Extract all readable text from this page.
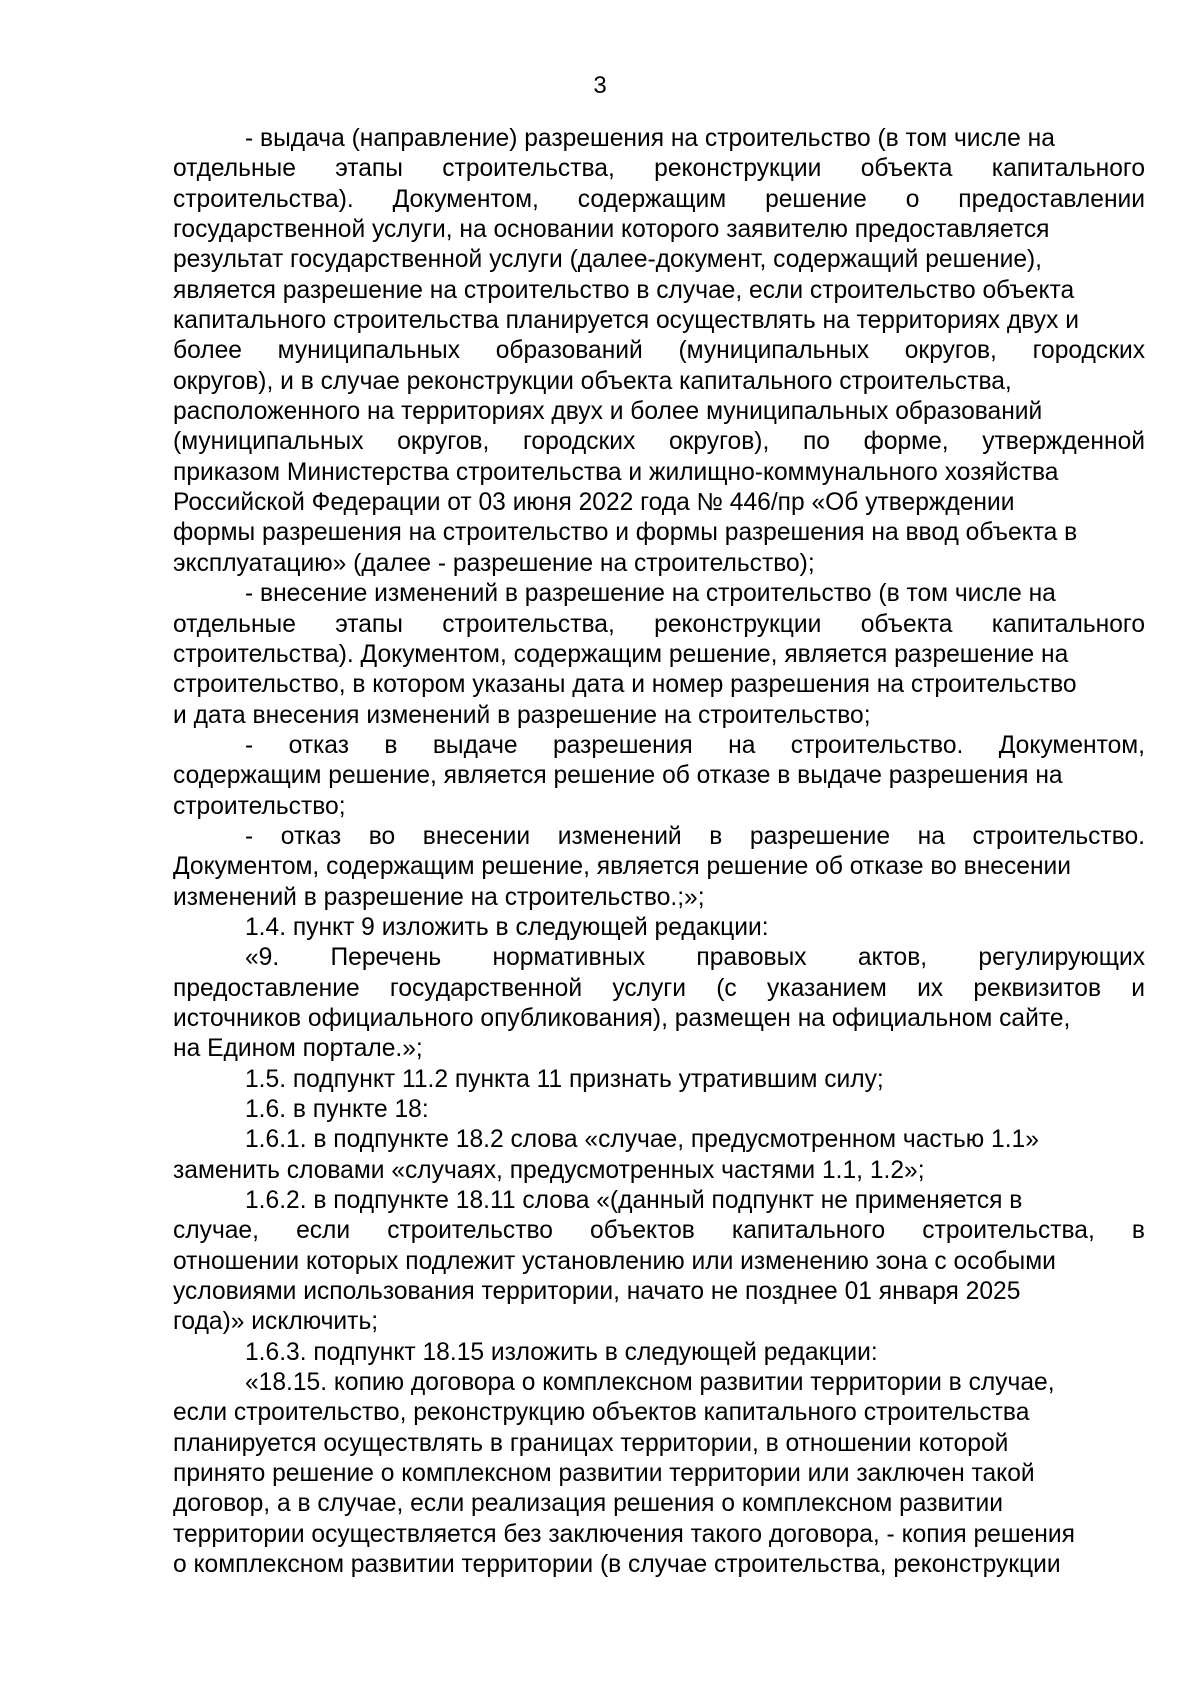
3
- выдача (направление) разрешения на строительство (в том числе на
отдельные этапы строительства, реконструкции объекта капитального
строительства). Документом, содержащим решение о предоставлении
государственной услуги, на основании которого заявителю предоставляется
результат государственной услуги (далее-документ, содержащий решение),
является разрешение на строительство в случае, если строительство объекта
капитального строительства планируется осуществлять на территориях двух и
более муниципальных образований (муниципальных округов, городских
округов), и в случае реконструкции объекта капитального строительства,
расположенного на территориях двух и более муниципальных образований
(муниципальных округов, городских округов), по форме, утвержденной
приказом Министерства строительства и жилищно-коммунального хозяйства
Российской Федерации от 03 июня 2022 года № 446/пр «Об утверждении
формы разрешения на строительство и формы разрешения на ввод объекта в
эксплуатацию» (далее - разрешение на строительство);
- внесение изменений в разрешение на строительство (в том числе на
отдельные этапы строительства, реконструкции объекта капитального
строительства). Документом, содержащим решение, является разрешение на
строительство, в котором указаны дата и номер разрешения на строительство
и дата внесения изменений в разрешение на строительство;
- отказ в выдаче разрешения на строительство. Документом,
содержащим решение, является решение об отказе в выдаче разрешения на
строительство;
- отказ во внесении изменений в разрешение на строительство.
Документом, содержащим решение, является решение об отказе во внесении
изменений в разрешение на строительство.;»;
1.4. пункт 9 изложить в следующей редакции:
«9. Перечень нормативных правовых актов, регулирующих
предоставление государственной услуги (с указанием их реквизитов и
источников официального опубликования), размещен на официальном сайте,
на Едином портале.»;
1.5. подпункт 11.2 пункта 11 признать утратившим силу;
1.6. в пункте 18:
1.6.1. в подпункте 18.2 слова «случае, предусмотренном частью 1.1»
заменить словами «случаях, предусмотренных частями 1.1, 1.2»;
1.6.2. в подпункте 18.11 слова «(данный подпункт не применяется в
случае, если строительство объектов капитального строительства, в
отношении которых подлежит установлению или изменению зона с особыми
условиями использования территории, начато не позднее 01 января 2025
года)» исключить;
1.6.3. подпункт 18.15 изложить в следующей редакции:
«18.15. копию договора о комплексном развитии территории в случае,
если строительство, реконструкцию объектов капитального строительства
планируется осуществлять в границах территории, в отношении которой
принято решение о комплексном развитии территории или заключен такой
договор, а в случае, если реализация решения о комплексном развитии
территории осуществляется без заключения такого договора, - копия решения
о комплексном развитии территории (в случае строительства, реконструкции
